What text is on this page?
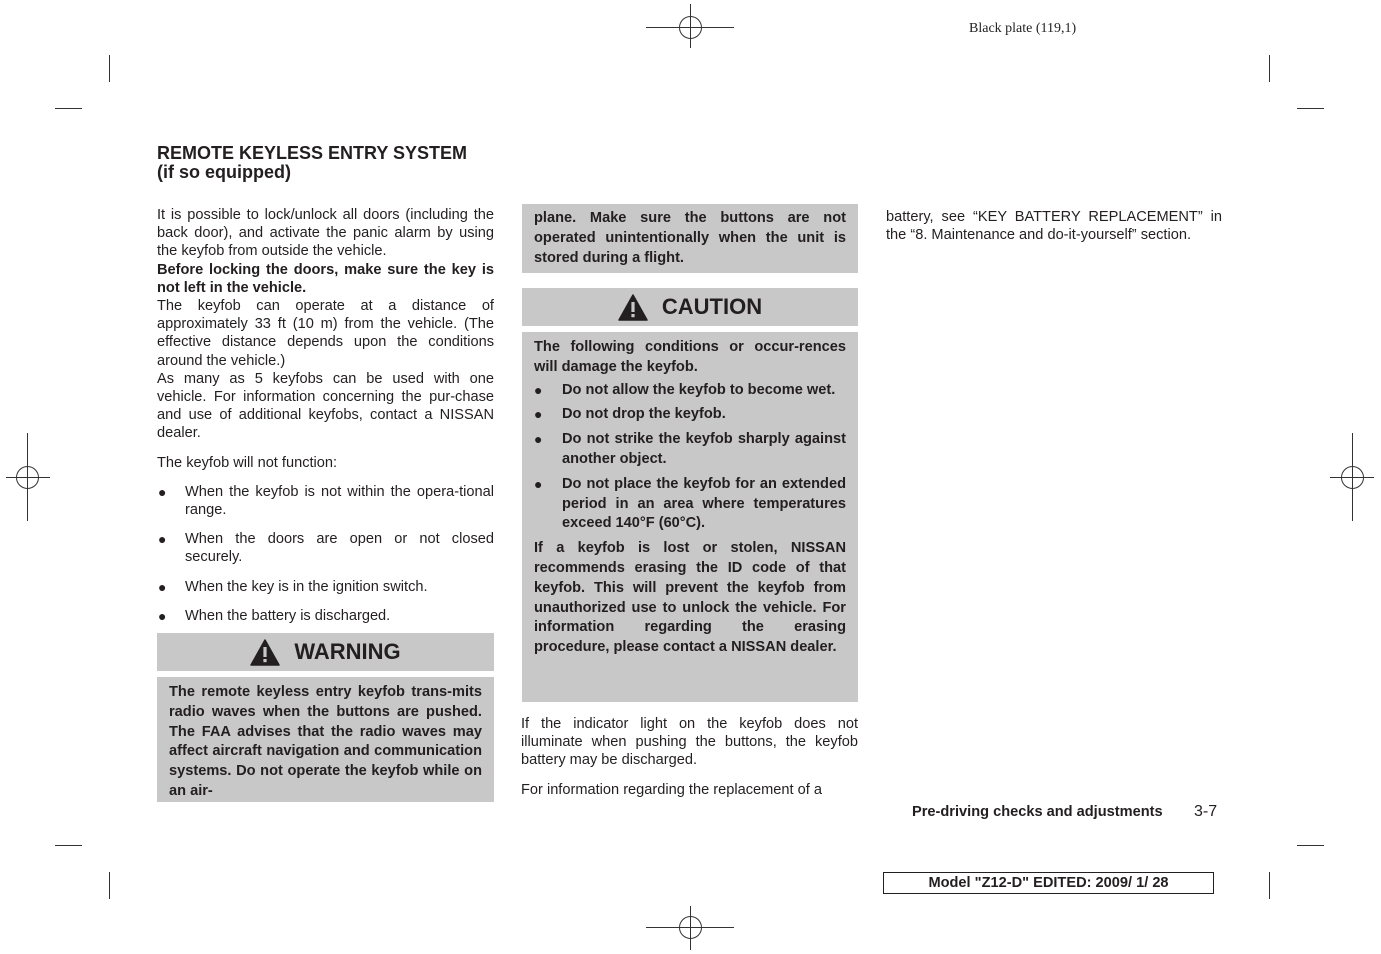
Black plate (119,1)
REMOTE KEYLESS ENTRY SYSTEM
(if so equipped)

It is possible to lock/unlock all doors (including the back door), and activate the panic alarm by using the keyfob from outside the vehicle.

Before locking the doors, make sure the key is not left in the vehicle.

The keyfob can operate at a distance of approximately 33 ft (10 m) from the vehicle. (The effective distance depends upon the conditions around the vehicle.)

As many as 5 keyfobs can be used with one vehicle. For information concerning the pur-chase and use of additional keyfobs, contact a NISSAN dealer.

The keyfob will not function:

● When the keyfob is not within the opera-tional range.
● When the doors are open or not closed securely.
● When the key is in the ignition switch.
● When the battery is discharged.
WARNING

The remote keyless entry keyfob trans-mits radio waves when the buttons are pushed. The FAA advises that the radio waves may affect aircraft navigation and communication systems. Do not operate the keyfob while on an air-

plane. Make sure the buttons are not operated unintentionally when the unit is stored during a flight.

CAUTION

The following conditions or occur-rences will damage the keyfob.

● Do not allow the keyfob to become wet.
● Do not drop the keyfob.
● Do not strike the keyfob sharply against another object.
● Do not place the keyfob for an extended period in an area where temperatures exceed 140°F (60°C).

If a keyfob is lost or stolen, NISSAN recommends erasing the ID code of that keyfob. This will prevent the keyfob from unauthorized use to unlock the vehicle. For information regarding the erasing procedure, please contact a NISSAN dealer.

If the indicator light on the keyfob does not illuminate when pushing the buttons, the keyfob battery may be discharged.

For information regarding the replacement of a

battery, see “KEY BATTERY REPLACEMENT” in the “8. Maintenance and do-it-yourself” section.

Pre-driving checks and adjustments 3-7
Model "Z12-D" EDITED: 2009/ 1/ 28
